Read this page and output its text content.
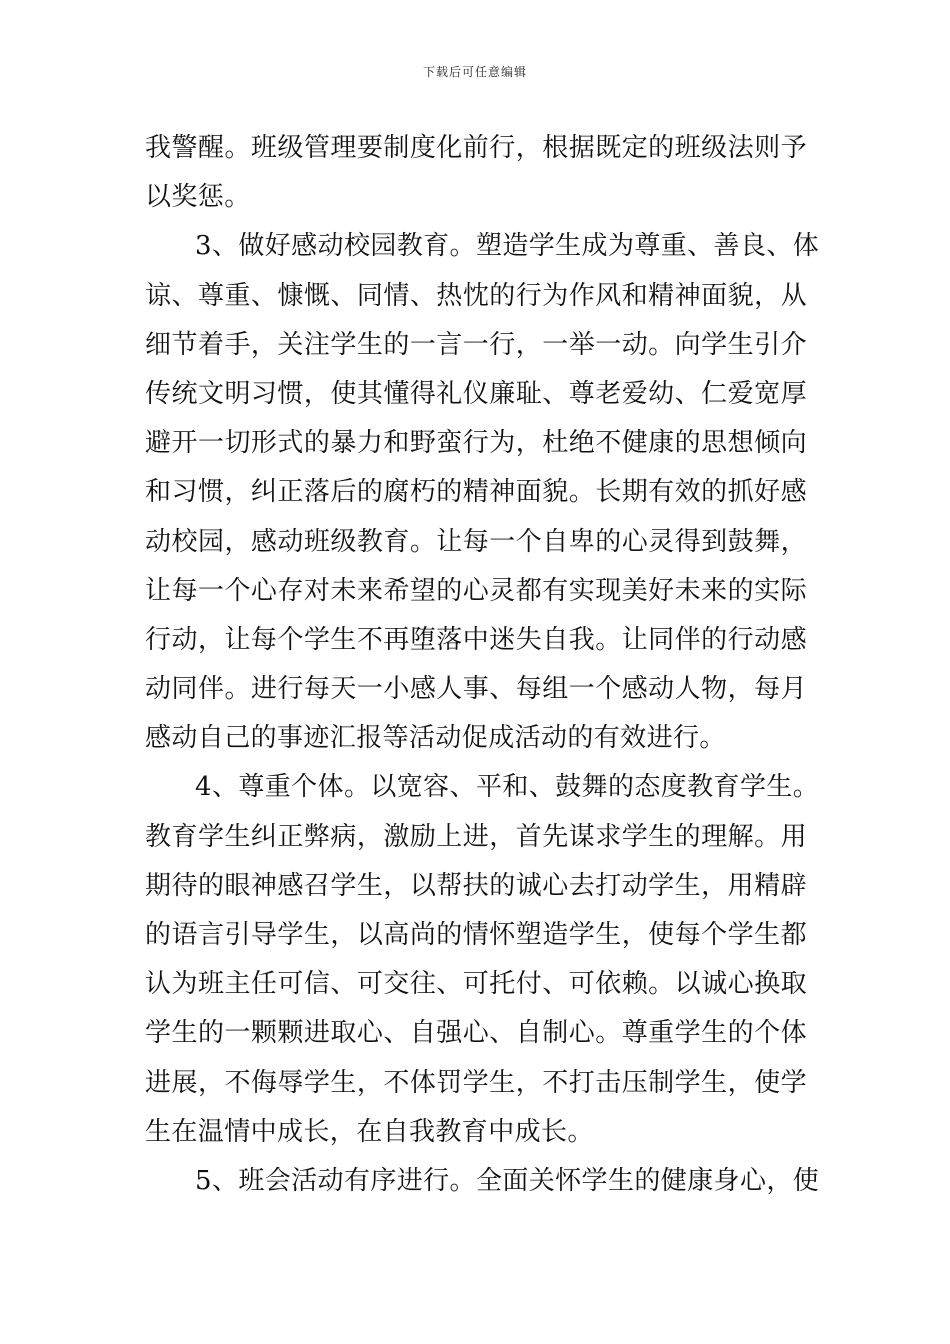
下载后可任意编辑
我警醒。班级管理要制度化前行，根据既定的班级法则予
以奖惩。
3、做好感动校园教育。塑造学生成为尊重、善良、体
谅、尊重、慷慨、同情、热忱的行为作风和精神面貌，从
细节着手，关注学生的一言一行，一举一动。向学生引介
传统文明习惯，使其懂得礼仪廉耻、尊老爱幼、仁爱宽厚
避开一切形式的暴力和野蛮行为，杜绝不健康的思想倾向
和习惯，纠正落后的腐朽的精神面貌。长期有效的抓好感
动校园，感动班级教育。让每一个自卑的心灵得到鼓舞，
让每一个心存对未来希望的心灵都有实现美好未来的实际
行动，让每个学生不再堕落中迷失自我。让同伴的行动感
动同伴。进行每天一小感人事、每组一个感动人物，每月
感动自己的事迹汇报等活动促成活动的有效进行。
4、尊重个体。以宽容、平和、鼓舞的态度教育学生。
教育学生纠正弊病，激励上进，首先谋求学生的理解。用
期待的眼神感召学生，以帮扶的诚心去打动学生，用精辟
的语言引导学生，以高尚的情怀塑造学生，使每个学生都
认为班主任可信、可交往、可托付、可依赖。以诚心换取
学生的一颗颗进取心、自强心、自制心。尊重学生的个体
进展，不侮辱学生，不体罚学生，不打击压制学生，使学
生在温情中成长，在自我教育中成长。
5、班会活动有序进行。全面关怀学生的健康身心，使
